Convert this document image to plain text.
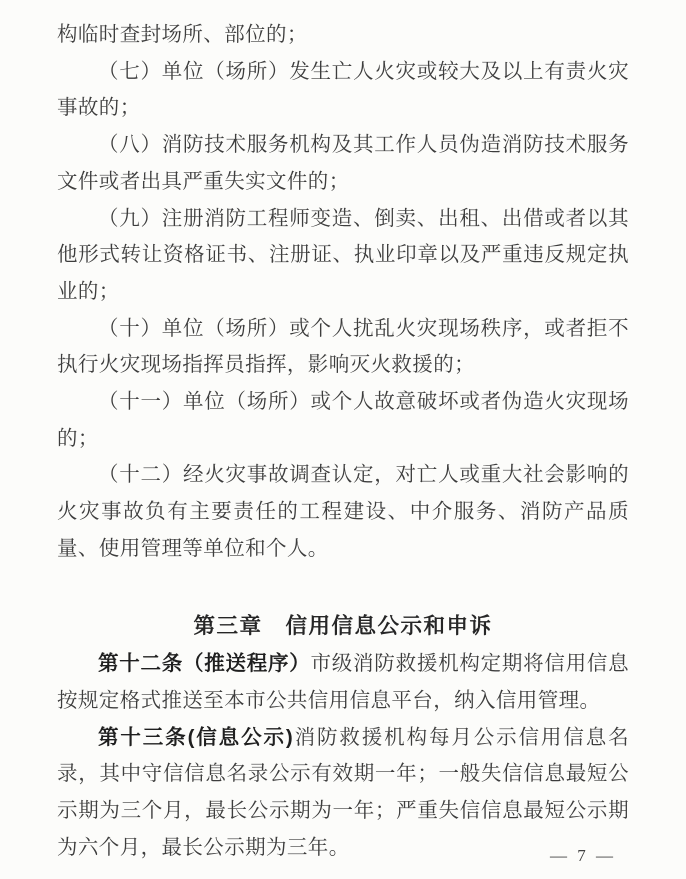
构临时查封场所、部位的；

（七）单位（场所）发生亡人火灾或较大及以上有责火灾事故的；

（八）消防技术服务机构及其工作人员伪造消防技术服务文件或者出具严重失实文件的；

（九）注册消防工程师变造、倒卖、出租、出借或者以其他形式转让资格证书、注册证、执业印章以及严重违反规定执业的；

（十）单位（场所）或个人扰乱火灾现场秩序，或者拒不执行火灾现场指挥员指挥，影响灭火救援的；

（十一）单位（场所）或个人故意破坏或者伪造火灾现场的；

（十二）经火灾事故调查认定，对亡人或重大社会影响的火灾事故负有主要责任的工程建设、中介服务、消防产品质量、使用管理等单位和个人。

第三章　信用信息公示和申诉

第十二条（推送程序）市级消防救援机构定期将信用信息按规定格式推送至本市公共信用信息平台，纳入信用管理。

第十三条(信息公示)消防救援机构每月公示信用信息名录，其中守信信息名录公示有效期一年；一般失信信息最短公示期为三个月，最长公示期为一年；严重失信信息最短公示期为六个月，最长公示期为三年。	— 7 —
